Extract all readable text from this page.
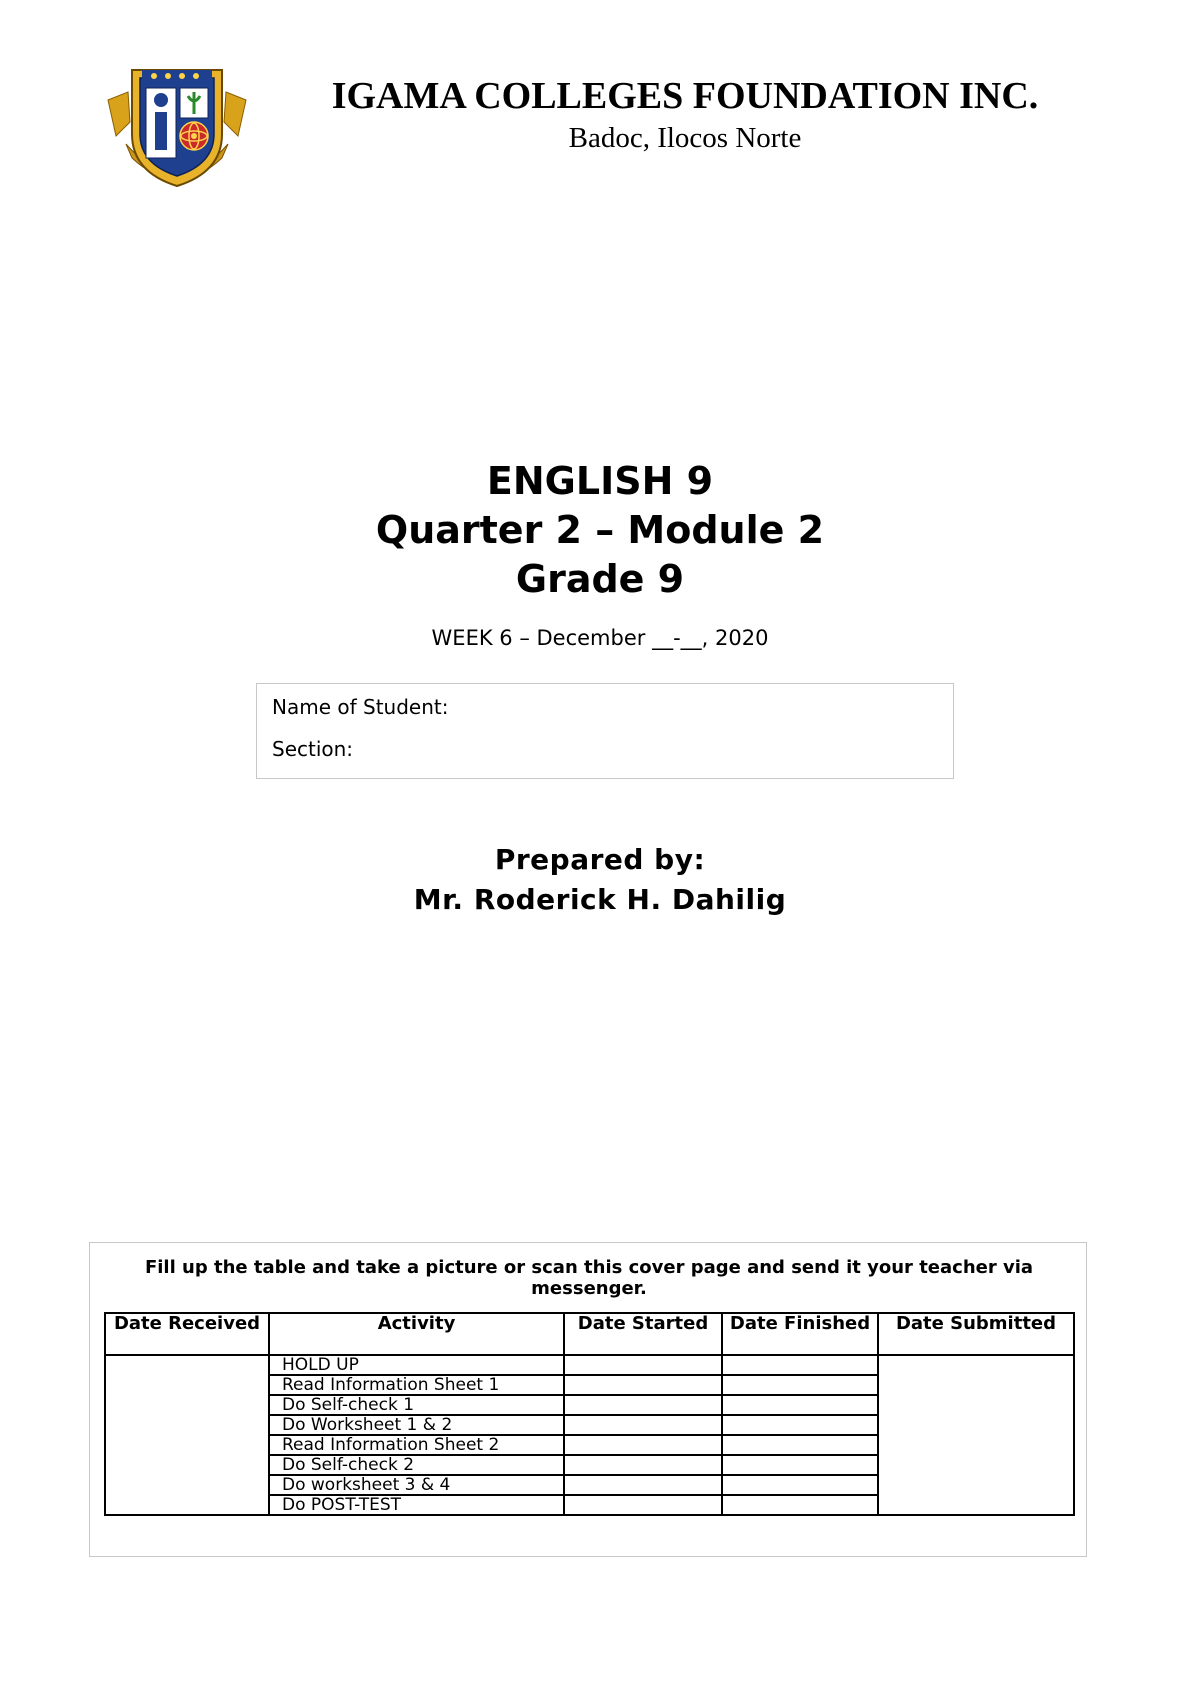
IGAMA COLLEGES FOUNDATION INC.
Badoc, Ilocos Norte
ENGLISH 9
Quarter 2 – Module 2
Grade 9
WEEK 6 – December __-__, 2020
Name of Student:
Section:
Prepared by:
Mr. Roderick H. Dahilig
Fill up the table and take a picture or scan this cover page and send it your teacher via messenger.
Date Received	Activity	Date Started	Date Finished	Date Submitted
	HOLD UP			
	Read Information Sheet 1			
	Do Self-check 1			
	Do Worksheet 1 & 2			
	Read Information Sheet 2			
	Do Self-check 2			
	Do worksheet 3 & 4			
	Do POST-TEST			
